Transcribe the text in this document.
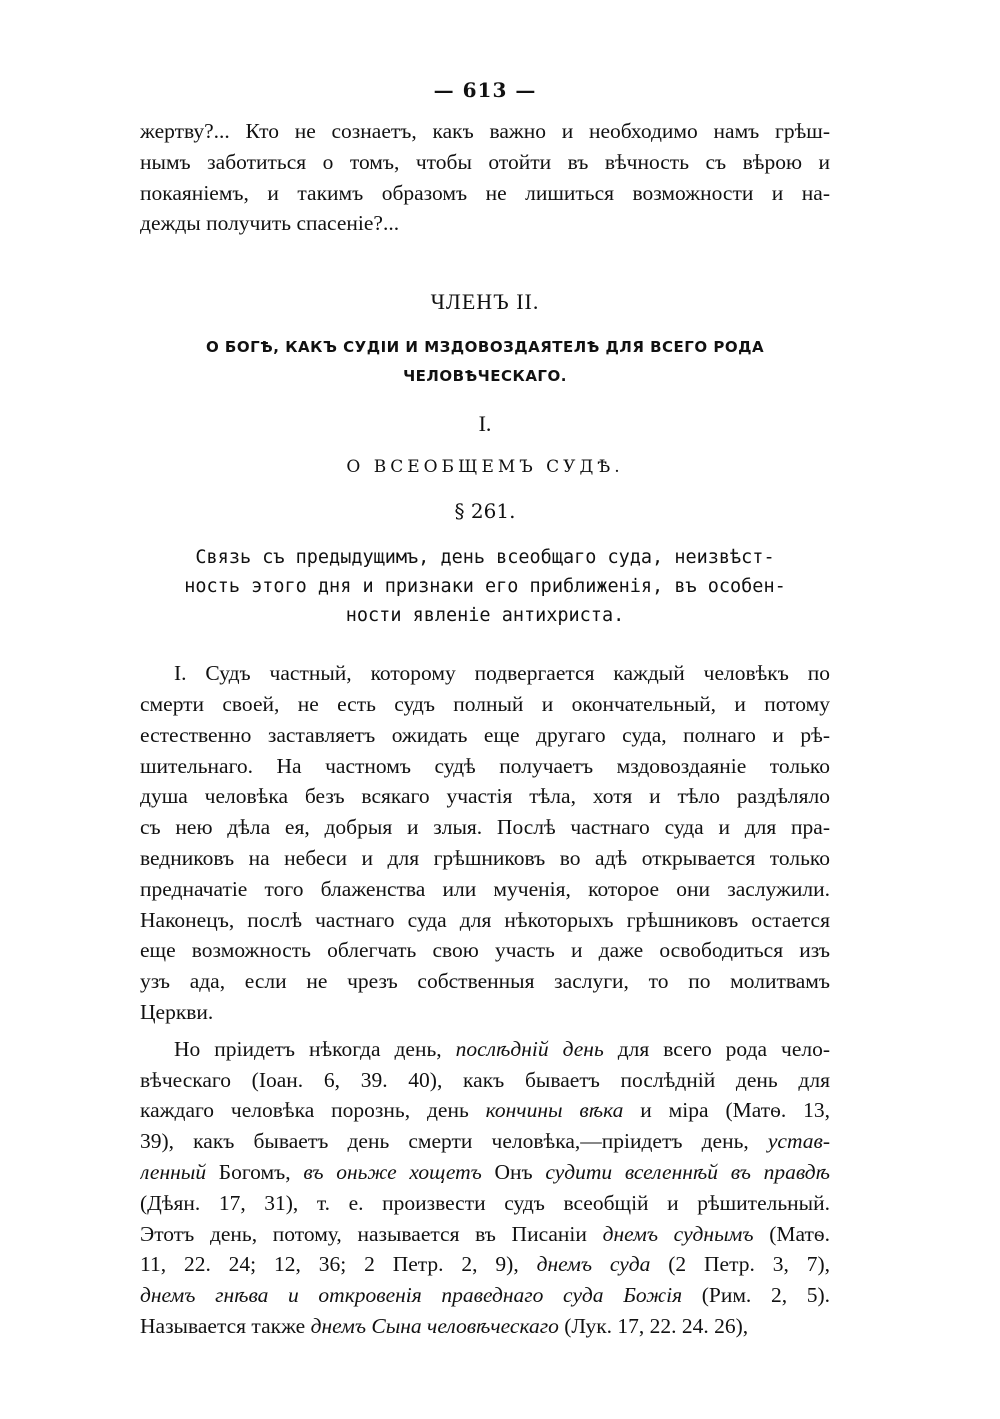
— 613 —
жертву?... Кто не сознаетъ, какъ важно и необходимо намъ грѣш-
нымъ заботиться о томъ, чтобы отойти въ вѣчность съ вѣрою и
покаяніемъ, и такимъ образомъ не лишиться возможности и на-
дежды получить спасеніе?...
ЧЛЕНЪ II.

О БОГѢ, КАКЪ СУДІИ И МЗДОВОЗДАЯТЕЛѢ ДЛЯ ВСЕГО РОДА

ЧЕЛОВѢЧЕСКАГО.

I.
О ВСЕОБЩЕМЪ СУДѢ.
§ 261.
Связь съ предыдущимъ, день всеобщаго суда, неизвѣст-
ность этого дня и признаки его приближенія, въ особен-
ности явленіе антихриста.
I. Судъ частный, которому подвергается каждый человѣкъ по
смерти своей, не есть судъ полный и окончательный, и потому
естественно заставляетъ ожидать еще другаго суда, полнаго и рѣ-
шительнаго. На частномъ судѣ получаетъ мздовоздаяніе только
душа человѣка безъ всякаго участія тѣла, хотя и тѣло раздѣляло
съ нею дѣла ея, добрыя и злыя. Послѣ частнаго суда и для пра-
ведниковъ на небеси и для грѣшниковъ во адѣ открывается только
предначатіе того блаженства или мученія, которое они заслужили.
Наконецъ, послѣ частнаго суда для нѣкоторыхъ грѣшниковъ остается
еще возможность облегчать свою участь и даже освободиться изъ
узъ ада, если не чрезъ собственныя заслуги, то по молитвамъ
Церкви.
Но пріидетъ нѣкогда день, послѣдній день для всего рода чело-
вѣческаго (Іоан. 6, 39. 40), какъ бываетъ послѣдній день для
каждаго человѣка порознь, день кончины вѣка и міра (Матѳ. 13,
39), какъ бываетъ день смерти человѣка,—пріидетъ день, устав-
ленный Богомъ, въ оньже хощетъ Онъ судити вселеннѣй въ правдѣ
(Дѣян. 17, 31), т. е. произвести судъ всеобщій и рѣшительный.
Этотъ день, потому, называется въ Писаніи днемъ суднымъ (Матѳ.
11, 22. 24; 12, 36; 2 Петр. 2, 9), днемъ суда (2 Петр. 3, 7),
днемъ гнѣва и откровенія праведнаго суда Божія (Рим. 2, 5).
Называется также днемъ Сына человѣческаго (Лук. 17, 22. 24. 26),
